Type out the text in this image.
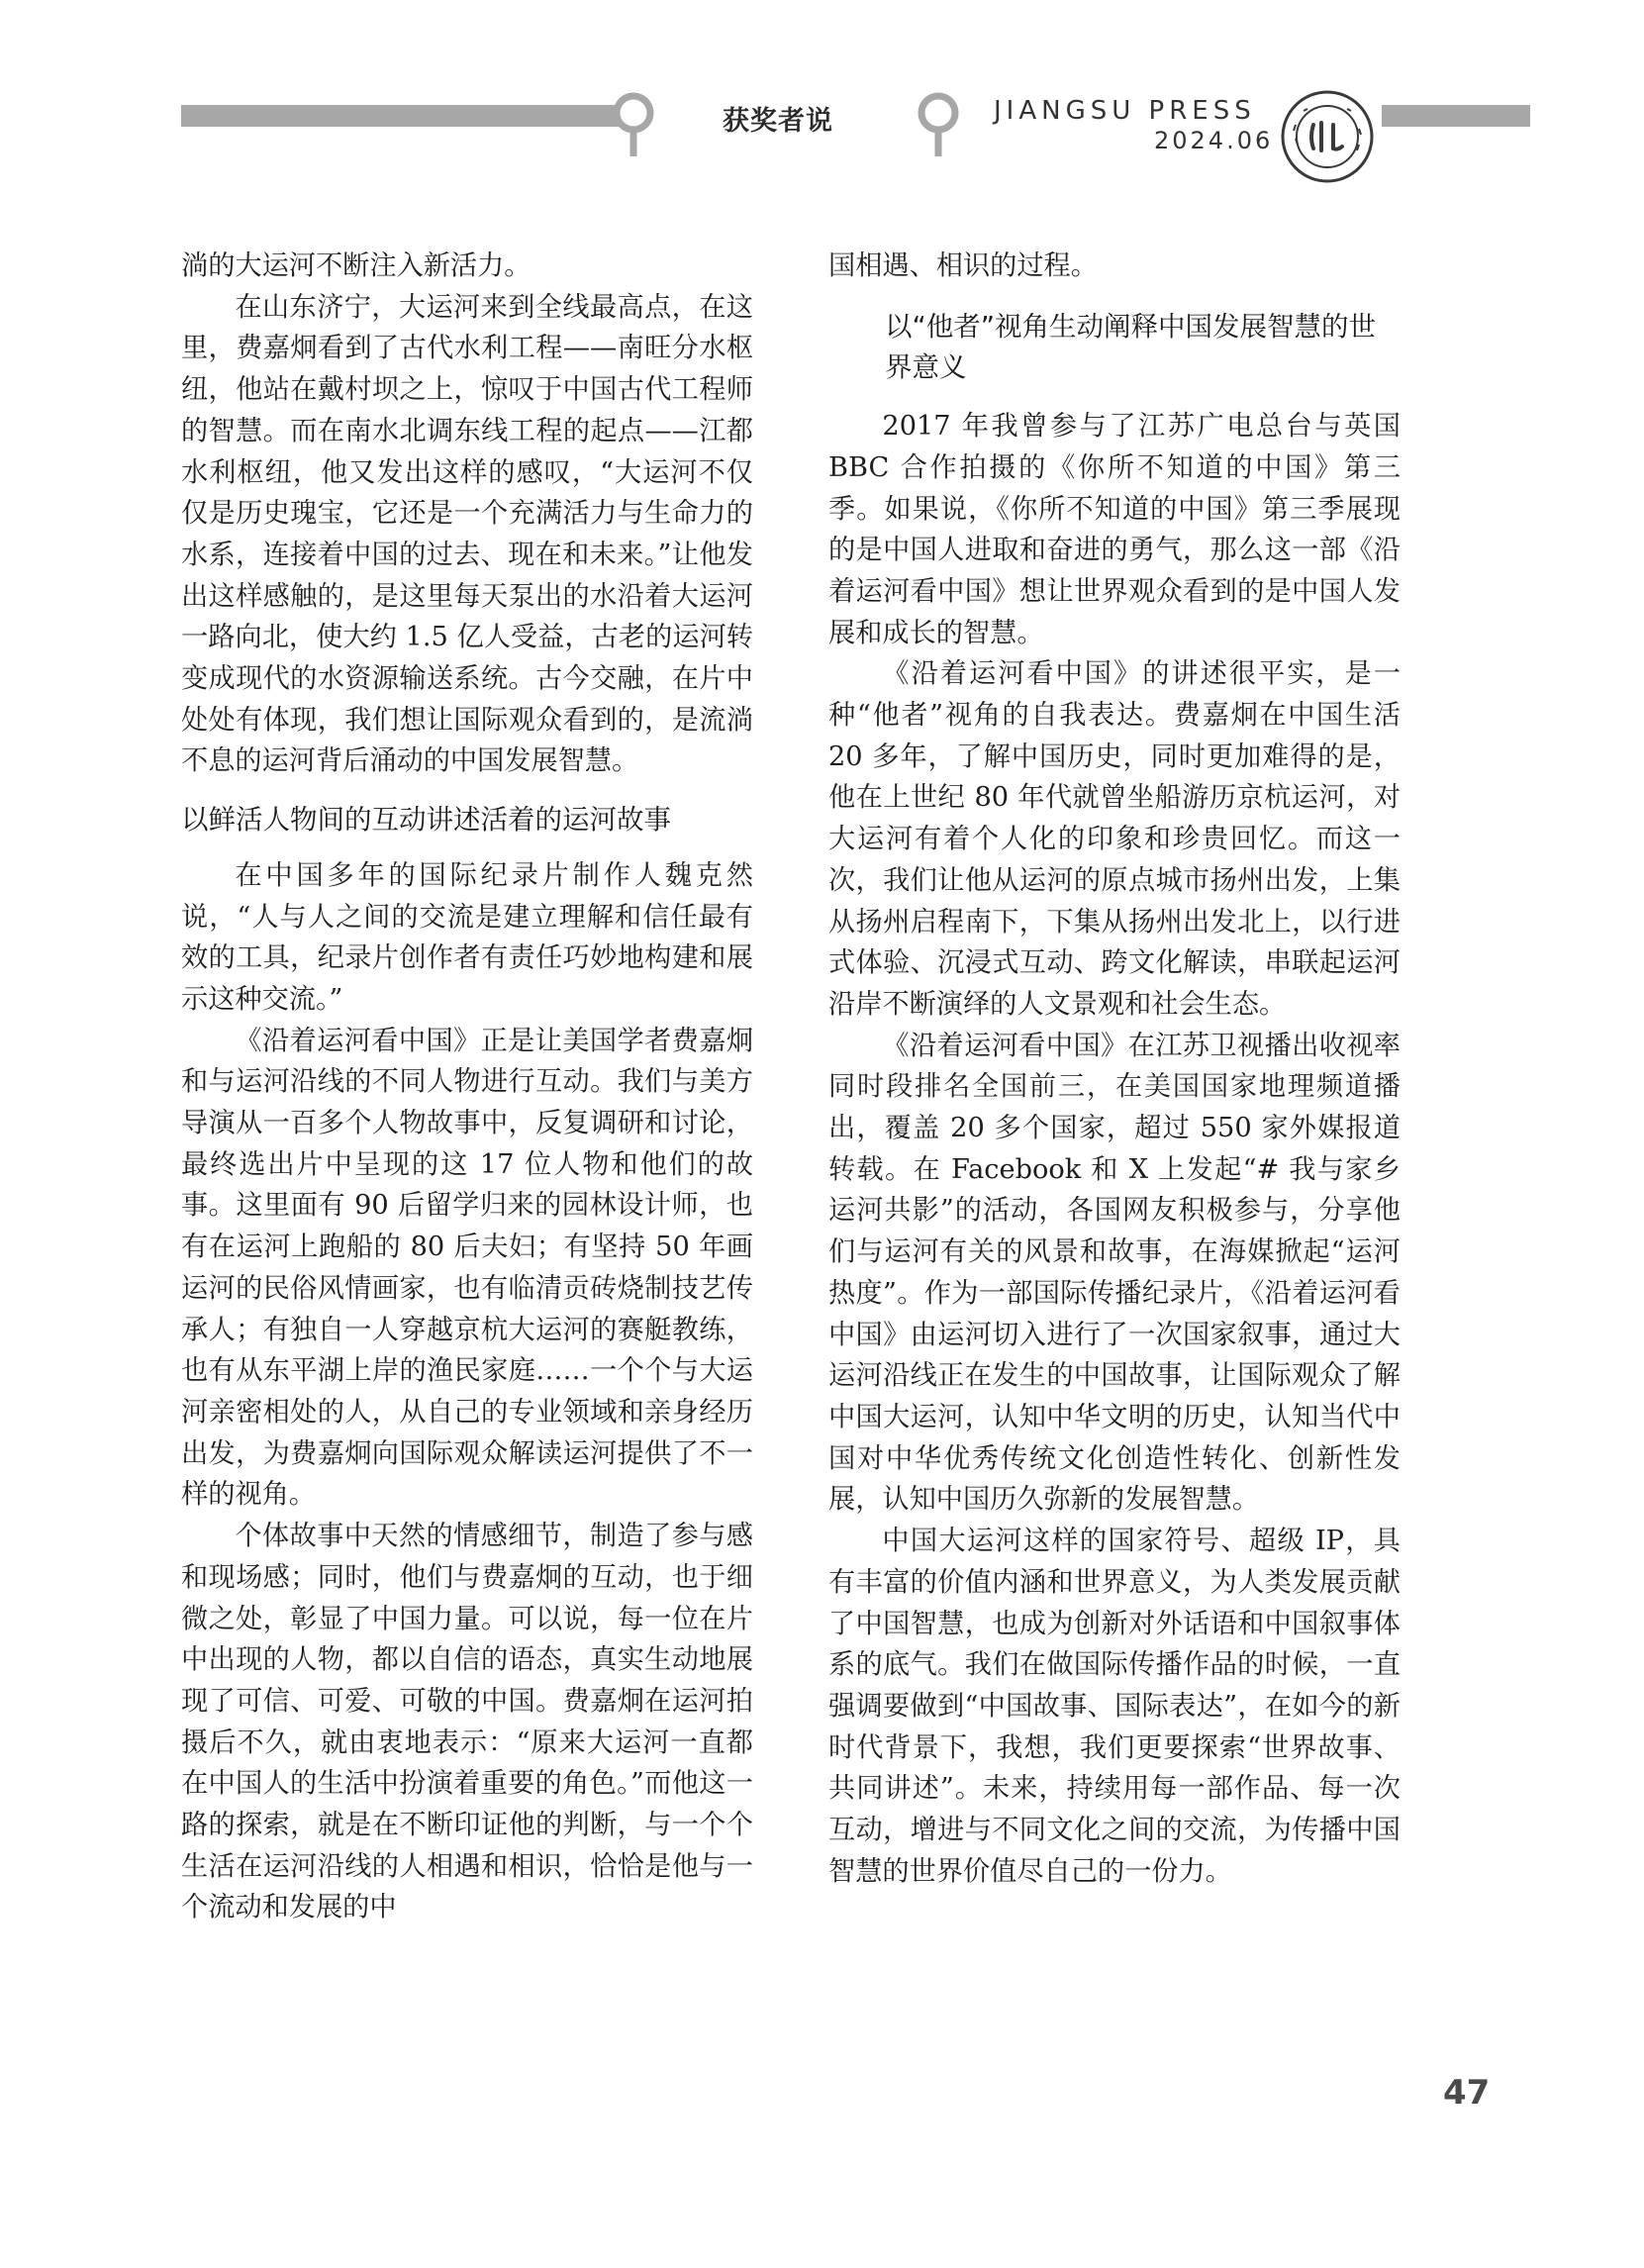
获奖者说	JIANGSU PRESS
2024.06

淌的大运河不断注入新活力。

在山东济宁，大运河来到全线最高点，在这里，费嘉炯看到了古代水利工程——南旺分水枢纽，他站在戴村坝之上，惊叹于中国古代工程师的智慧。而在南水北调东线工程的起点——江都水利枢纽，他又发出这样的感叹，“大运河不仅仅是历史瑰宝，它还是一个充满活力与生命力的水系，连接着中国的过去、现在和未来。”让他发出这样感触的，是这里每天泵出的水沿着大运河一路向北，使大约 1.5 亿人受益，古老的运河转变成现代的水资源输送系统。古今交融，在片中处处有体现，我们想让国际观众看到的，是流淌不息的运河背后涌动的中国发展智慧。

以鲜活人物间的互动讲述活着的运河故事

在中国多年的国际纪录片制作人魏克然说，“人与人之间的交流是建立理解和信任最有效的工具，纪录片创作者有责任巧妙地构建和展示这种交流。”

《沿着运河看中国》正是让美国学者费嘉炯和与运河沿线的不同人物进行互动。我们与美方导演从一百多个人物故事中，反复调研和讨论，最终选出片中呈现的这 17 位人物和他们的故事。这里面有 90 后留学归来的园林设计师，也有在运河上跑船的 80 后夫妇；有坚持 50 年画运河的民俗风情画家，也有临清贡砖烧制技艺传承人；有独自一人穿越京杭大运河的赛艇教练，也有从东平湖上岸的渔民家庭……一个个与大运河亲密相处的人，从自己的专业领域和亲身经历出发，为费嘉炯向国际观众解读运河提供了不一样的视角。

个体故事中天然的情感细节，制造了参与感和现场感；同时，他们与费嘉炯的互动，也于细微之处，彰显了中国力量。可以说，每一位在片中出现的人物，都以自信的语态，真实生动地展现了可信、可爱、可敬的中国。费嘉炯在运河拍摄后不久，就由衷地表示：“原来大运河一直都在中国人的生活中扮演着重要的角色。”而他这一路的探索，就是在不断印证他的判断，与一个个生活在运河沿线的人相遇和相识，恰恰是他与一个流动和发展的中

国相遇、相识的过程。

以“他者”视角生动阐释中国发展智慧的世界意义

2017 年我曾参与了江苏广电总台与英国 BBC 合作拍摄的《你所不知道的中国》第三季。如果说，《你所不知道的中国》第三季展现的是中国人进取和奋进的勇气，那么这一部《沿着运河看中国》想让世界观众看到的是中国人发展和成长的智慧。

《沿着运河看中国》的讲述很平实，是一种“他者”视角的自我表达。费嘉炯在中国生活 20 多年，了解中国历史，同时更加难得的是，他在上世纪 80 年代就曾坐船游历京杭运河，对大运河有着个人化的印象和珍贵回忆。而这一次，我们让他从运河的原点城市扬州出发，上集从扬州启程南下，下集从扬州出发北上，以行进式体验、沉浸式互动、跨文化解读，串联起运河沿岸不断演绎的人文景观和社会生态。

《沿着运河看中国》在江苏卫视播出收视率同时段排名全国前三，在美国国家地理频道播出，覆盖 20 多个国家，超过 550 家外媒报道转载。在 Facebook 和 X 上发起“# 我与家乡运河共影”的活动，各国网友积极参与，分享他们与运河有关的风景和故事，在海媒掀起“运河热度”。作为一部国际传播纪录片，《沿着运河看中国》由运河切入进行了一次国家叙事，通过大运河沿线正在发生的中国故事，让国际观众了解中国大运河，认知中华文明的历史，认知当代中国对中华优秀传统文化创造性转化、创新性发展，认知中国历久弥新的发展智慧。

中国大运河这样的国家符号、超级 IP，具有丰富的价值内涵和世界意义，为人类发展贡献了中国智慧，也成为创新对外话语和中国叙事体系的底气。我们在做国际传播作品的时候，一直强调要做到“中国故事、国际表达”，在如今的新时代背景下，我想，我们更要探索“世界故事、共同讲述”。未来，持续用每一部作品、每一次互动，增进与不同文化之间的交流，为传播中国智慧的世界价值尽自己的一份力。

47
